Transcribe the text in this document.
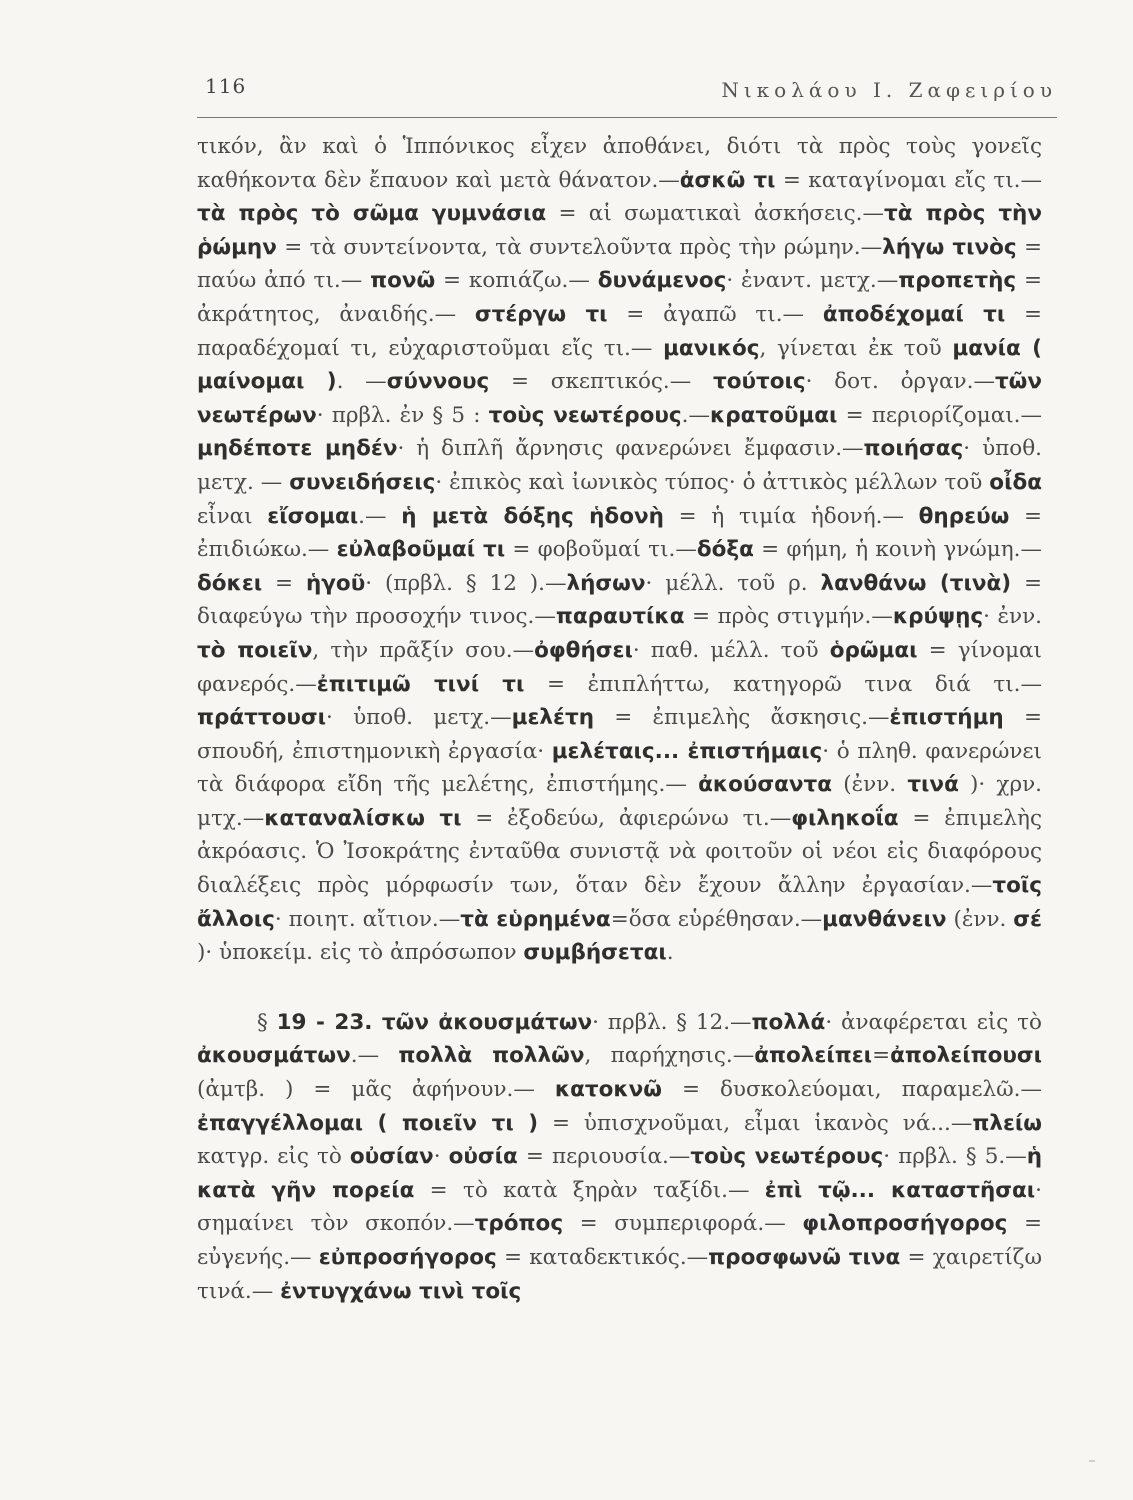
116	Νικολάου Ι. Ζαφειρίου

τικόν, ἂν καὶ ὁ Ἱππόνικος εἶχεν ἀποθάνει, διότι τὰ πρὸς τοὺς γονεῖς καθήκοντα δὲν ἔπαυον καὶ μετὰ θάνατον.—ἀσκῶ τι = καταγίνομαι εἴς τι.—τὰ πρὸς τὸ σῶμα γυμνάσια = αἱ σωματικαὶ ἀσκήσεις.—τὰ πρὸς τὴν ῥώμην = τὰ συντείνοντα, τὰ συντελοῦντα πρὸς τὴν ρώμην.—λήγω τινὸς = παύω ἀπό τι.— πονῶ = κοπιάζω.— δυνάμενος· ἐναντ. μετχ.—προπετὴς = ἀκράτητος, ἀναιδής.— στέργω τι = ἀγαπῶ τι.— ἀποδέχομαί τι = παραδέχομαί τι, εὐχαριστοῦμαι εἴς τι.— μανικός, γίνεται ἐκ τοῦ μανία ( μαίνομαι ). —σύννους = σκεπτικός.— τούτοις· δοτ. ὀργαν.—τῶν νεωτέρων· πρβλ. ἐν § 5 : τοὺς νεωτέρους.—κρατοῦμαι = περιορίζομαι.—μηδέποτε μηδέν· ἡ διπλῆ ἄρνησις φανερώνει ἔμφασιν.—ποιήσας· ὑποθ. μετχ. — συνειδήσεις· ἐπικὸς καὶ ἰωνικὸς τύπος· ὁ ἀττικὸς μέλλων τοῦ οἶδα εἶναι εἴσομαι.— ἡ μετὰ δόξης ἡδονὴ = ἡ τιμία ἡδονή.— θηρεύω = ἐπιδιώκω.— εὐλαβοῦμαί τι = φοβοῦμαί τι.—δόξα = φήμη, ἡ κοινὴ γνώμη.—δόκει = ἡγοῦ· (πρβλ. § 12 ).—λήσων· μέλλ. τοῦ ρ. λανθάνω (τινὰ) = διαφεύγω τὴν προσοχήν τινος.—παραυτίκα = πρὸς στιγμήν.—κρύψῃς· ἐνν. τὸ ποιεῖν, τὴν πρᾶξίν σου.—ὀφθήσει· παθ. μέλλ. τοῦ ὁρῶμαι = γίνομαι φανερός.—ἐπιτιμῶ τινί τι = ἐπιπλήττω, κατηγορῶ τινα διά τι.—πράττουσι· ὑποθ. μετχ.—μελέτη = ἐπιμελὴς ἄσκησις.—ἐπιστήμη = σπουδή, ἐπιστημονικὴ ἐργασία· μελέταις... ἐπιστήμαις· ὁ πληθ. φανερώνει τὰ διάφορα εἴδη τῆς μελέτης, ἐπιστήμης.— ἀκούσαντα (ἐνν. τινά )· χρν. μτχ.—καταναλίσκω τι = ἐξοδεύω, ἀφιερώνω τι.—φιληκοΐα = ἐπιμελὴς ἀκρόασις. Ὁ Ἰσοκράτης ἐνταῦθα συνιστᾷ νὰ φοιτοῦν οἱ νέοι εἰς διαφόρους διαλέξεις πρὸς μόρφωσίν των, ὅταν δὲν ἔχουν ἄλλην ἐργασίαν.—τοῖς ἄλλοις· ποιητ. αἴτιον.—τὰ εὑρημένα=ὅσα εὑρέθησαν.—μανθάνειν (ἐνν. σέ )· ὑποκείμ. εἰς τὸ ἀπρόσωπον συμβήσεται.

§ 19 - 23. τῶν ἀκουσμάτων· πρβλ. § 12.—πολλά· ἀναφέρεται εἰς τὸ ἀκουσμάτων.— πολλὰ πολλῶν, παρήχησις.—ἀπολείπει=ἀπολείπουσι (ἀμτβ. ) = μᾶς ἀφήνουν.— κατοκνῶ = δυσκολεύομαι, παραμελῶ.—ἐπαγγέλλομαι ( ποιεῖν τι ) = ὑπισχνοῦμαι, εἶμαι ἱκανὸς νά...—πλείω κατγρ. εἰς τὸ οὐσίαν· οὐσία = περιουσία.—τοὺς νεωτέρους· πρβλ. § 5.—ἡ κατὰ γῆν πορεία = τὸ κατὰ ξηρὰν ταξίδι.— ἐπὶ τῷ... καταστῆσαι· σημαίνει τὸν σκοπόν.—τρόπος = συμπεριφορά.— φιλοπροσήγορος = εὐγενής.— εὐπροσήγορος = καταδεκτικός.—προσφωνῶ τινα = χαιρετίζω τινά.— ἐντυγχάνω τινὶ τοῖς
